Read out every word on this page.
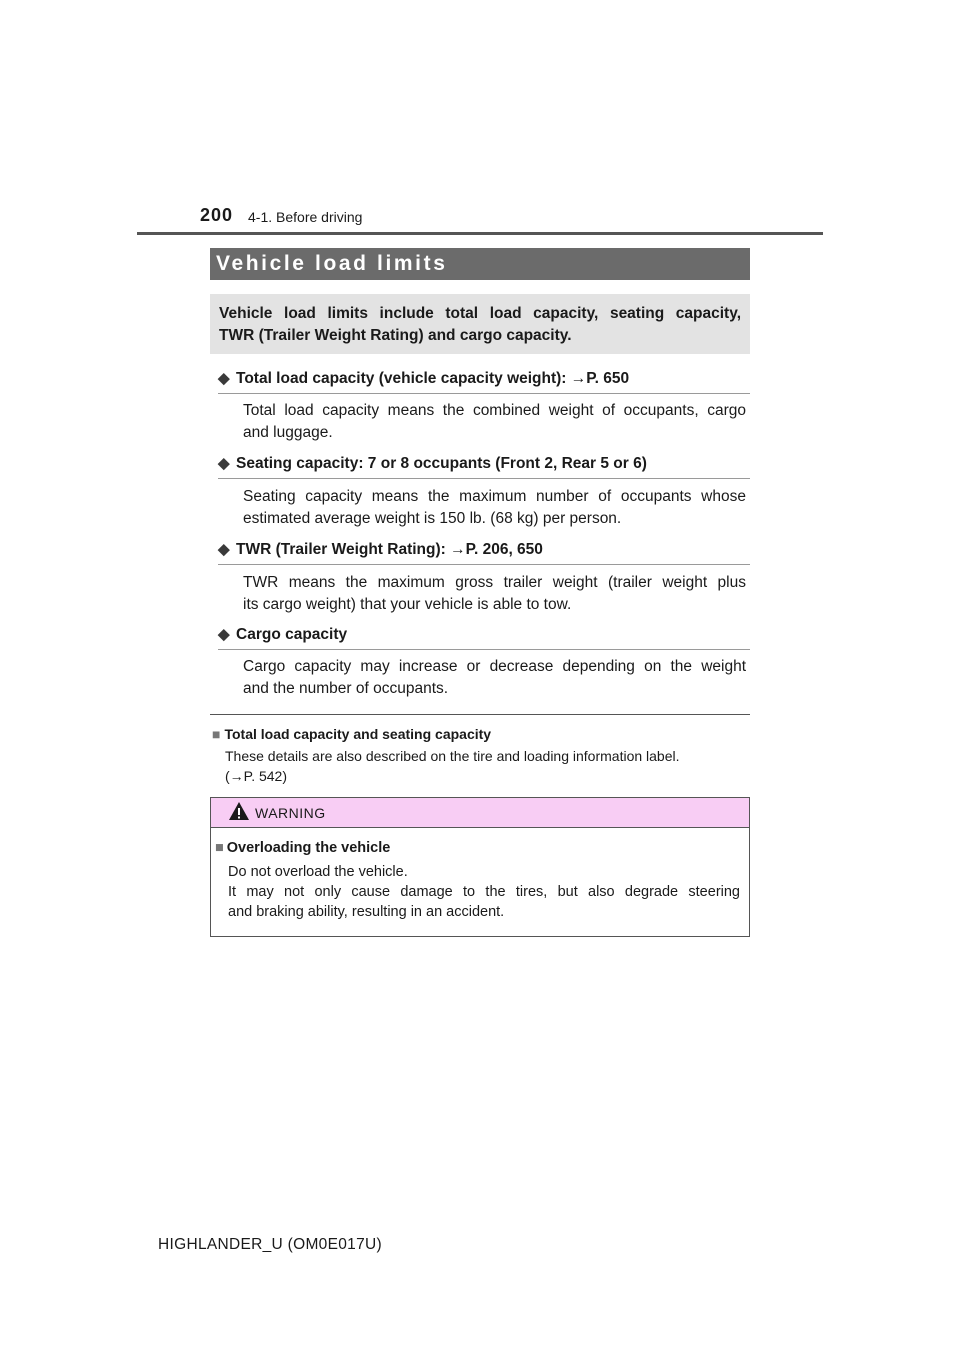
200 4-1. Before driving
Vehicle load limits
Vehicle load limits include total load capacity, seating capacity,
TWR (Trailer Weight Rating) and cargo capacity.
◆ Total load capacity (vehicle capacity weight): →P. 650
Total load capacity means the combined weight of occupants, cargo
and luggage.
◆ Seating capacity: 7 or 8 occupants (Front 2, Rear 5 or 6)
Seating capacity means the maximum number of occupants whose
estimated average weight is 150 lb. (68 kg) per person.
◆ TWR (Trailer Weight Rating): →P. 206, 650
TWR means the maximum gross trailer weight (trailer weight plus
its cargo weight) that your vehicle is able to tow.
◆ Cargo capacity
Cargo capacity may increase or decrease depending on the weight
and the number of occupants.
■ Total load capacity and seating capacity
These details are also described on the tire and loading information label.
(→P. 542)
WARNING
■ Overloading the vehicle
Do not overload the vehicle.
It may not only cause damage to the tires, but also degrade steering
and braking ability, resulting in an accident.
HIGHLANDER_U (OM0E017U)
